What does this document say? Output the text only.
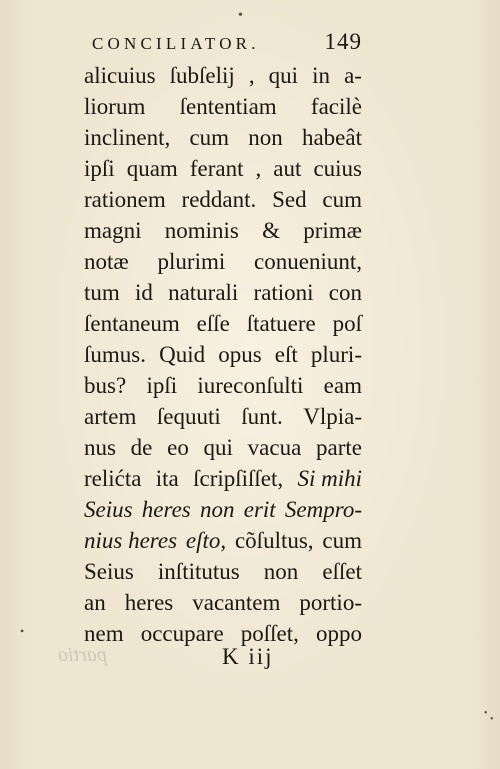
CONCILIATOR.	149
alicuius ſubſelij , qui in a-
liorum ſententiam facilè
inclinent, cum non habeât
ipſi quam ferant , aut cuius
rationem reddant. Sed cum
magni nominis & primæ
notæ plurimi conueniunt,
tum id naturali rationi con
ſentaneum eſſe ſtatuere poſ
ſumus. Quid opus eſt pluri-
bus? ipſi iureconſulti eam
artem ſequuti ſunt. Vlpia-
nus de eo qui vacua parte
relićta ita ſcripſiſſet, Si mihi
Seius heres non erit Sempro-
nius heres eſto, cõſultus, cum
Seius inſtitutus non eſſet
an heres vacantem portio-
nem occupare poſſet, oppo
partio	K iij
•
•
•
•
